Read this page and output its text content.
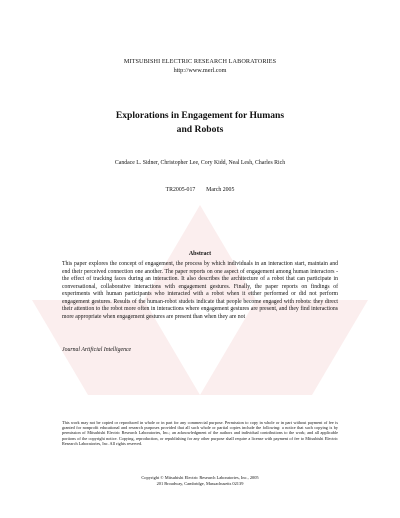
MITSUBISHI ELECTRIC RESEARCH LABORATORIES
http://www.merl.com
Explorations in Engagement for Humans
and Robots
Candace L. Sidner, Christopher Lee, Cory Kidd, Neal Lesh, Charles Rich
TR2005-017 March 2005
Abstract
This paper explores the concept of engagement, the process by which individuals in an interaction start, maintain and end their perceived connection one another. The paper reports on one aspect of engagement among human interactors - the effect of tracking faces during an interaction. It also describes the architecture of a robot that can participate in conversational, collaborative interactions with engagement gestures. Finally, the paper reports on findings of experiments with human participants who interacted with a robot when it either performed or did not perform engagement gestures. Results of the human-robot studeis indicate that people become engaged with robots: they direct their attention to the robot more often in interactions where engagement gestures are present, and they find interactions more appropriate when engagement gestures are present than when they are not
Journal Artificial Intelligence
This work may not be copied or reproduced in whole or in part for any commercial purpose. Permission to copy in whole or in part without payment of fee is granted for nonprofit educational and research purposes provided that all such whole or partial copies include the following: a notice that such copying is by permission of Mitsubishi Electric Research Laboratories, Inc.; an acknowledgment of the authors and individual contributions to the work; and all applicable portions of the copyright notice. Copying, reproduction, or republishing for any other purpose shall require a license with payment of fee to Mitsubishi Electric Research Laboratories, Inc. All rights reserved.
Copyright © Mitsubishi Electric Research Laboratories, Inc., 2005
201 Broadway, Cambridge, Massachusetts 02139
